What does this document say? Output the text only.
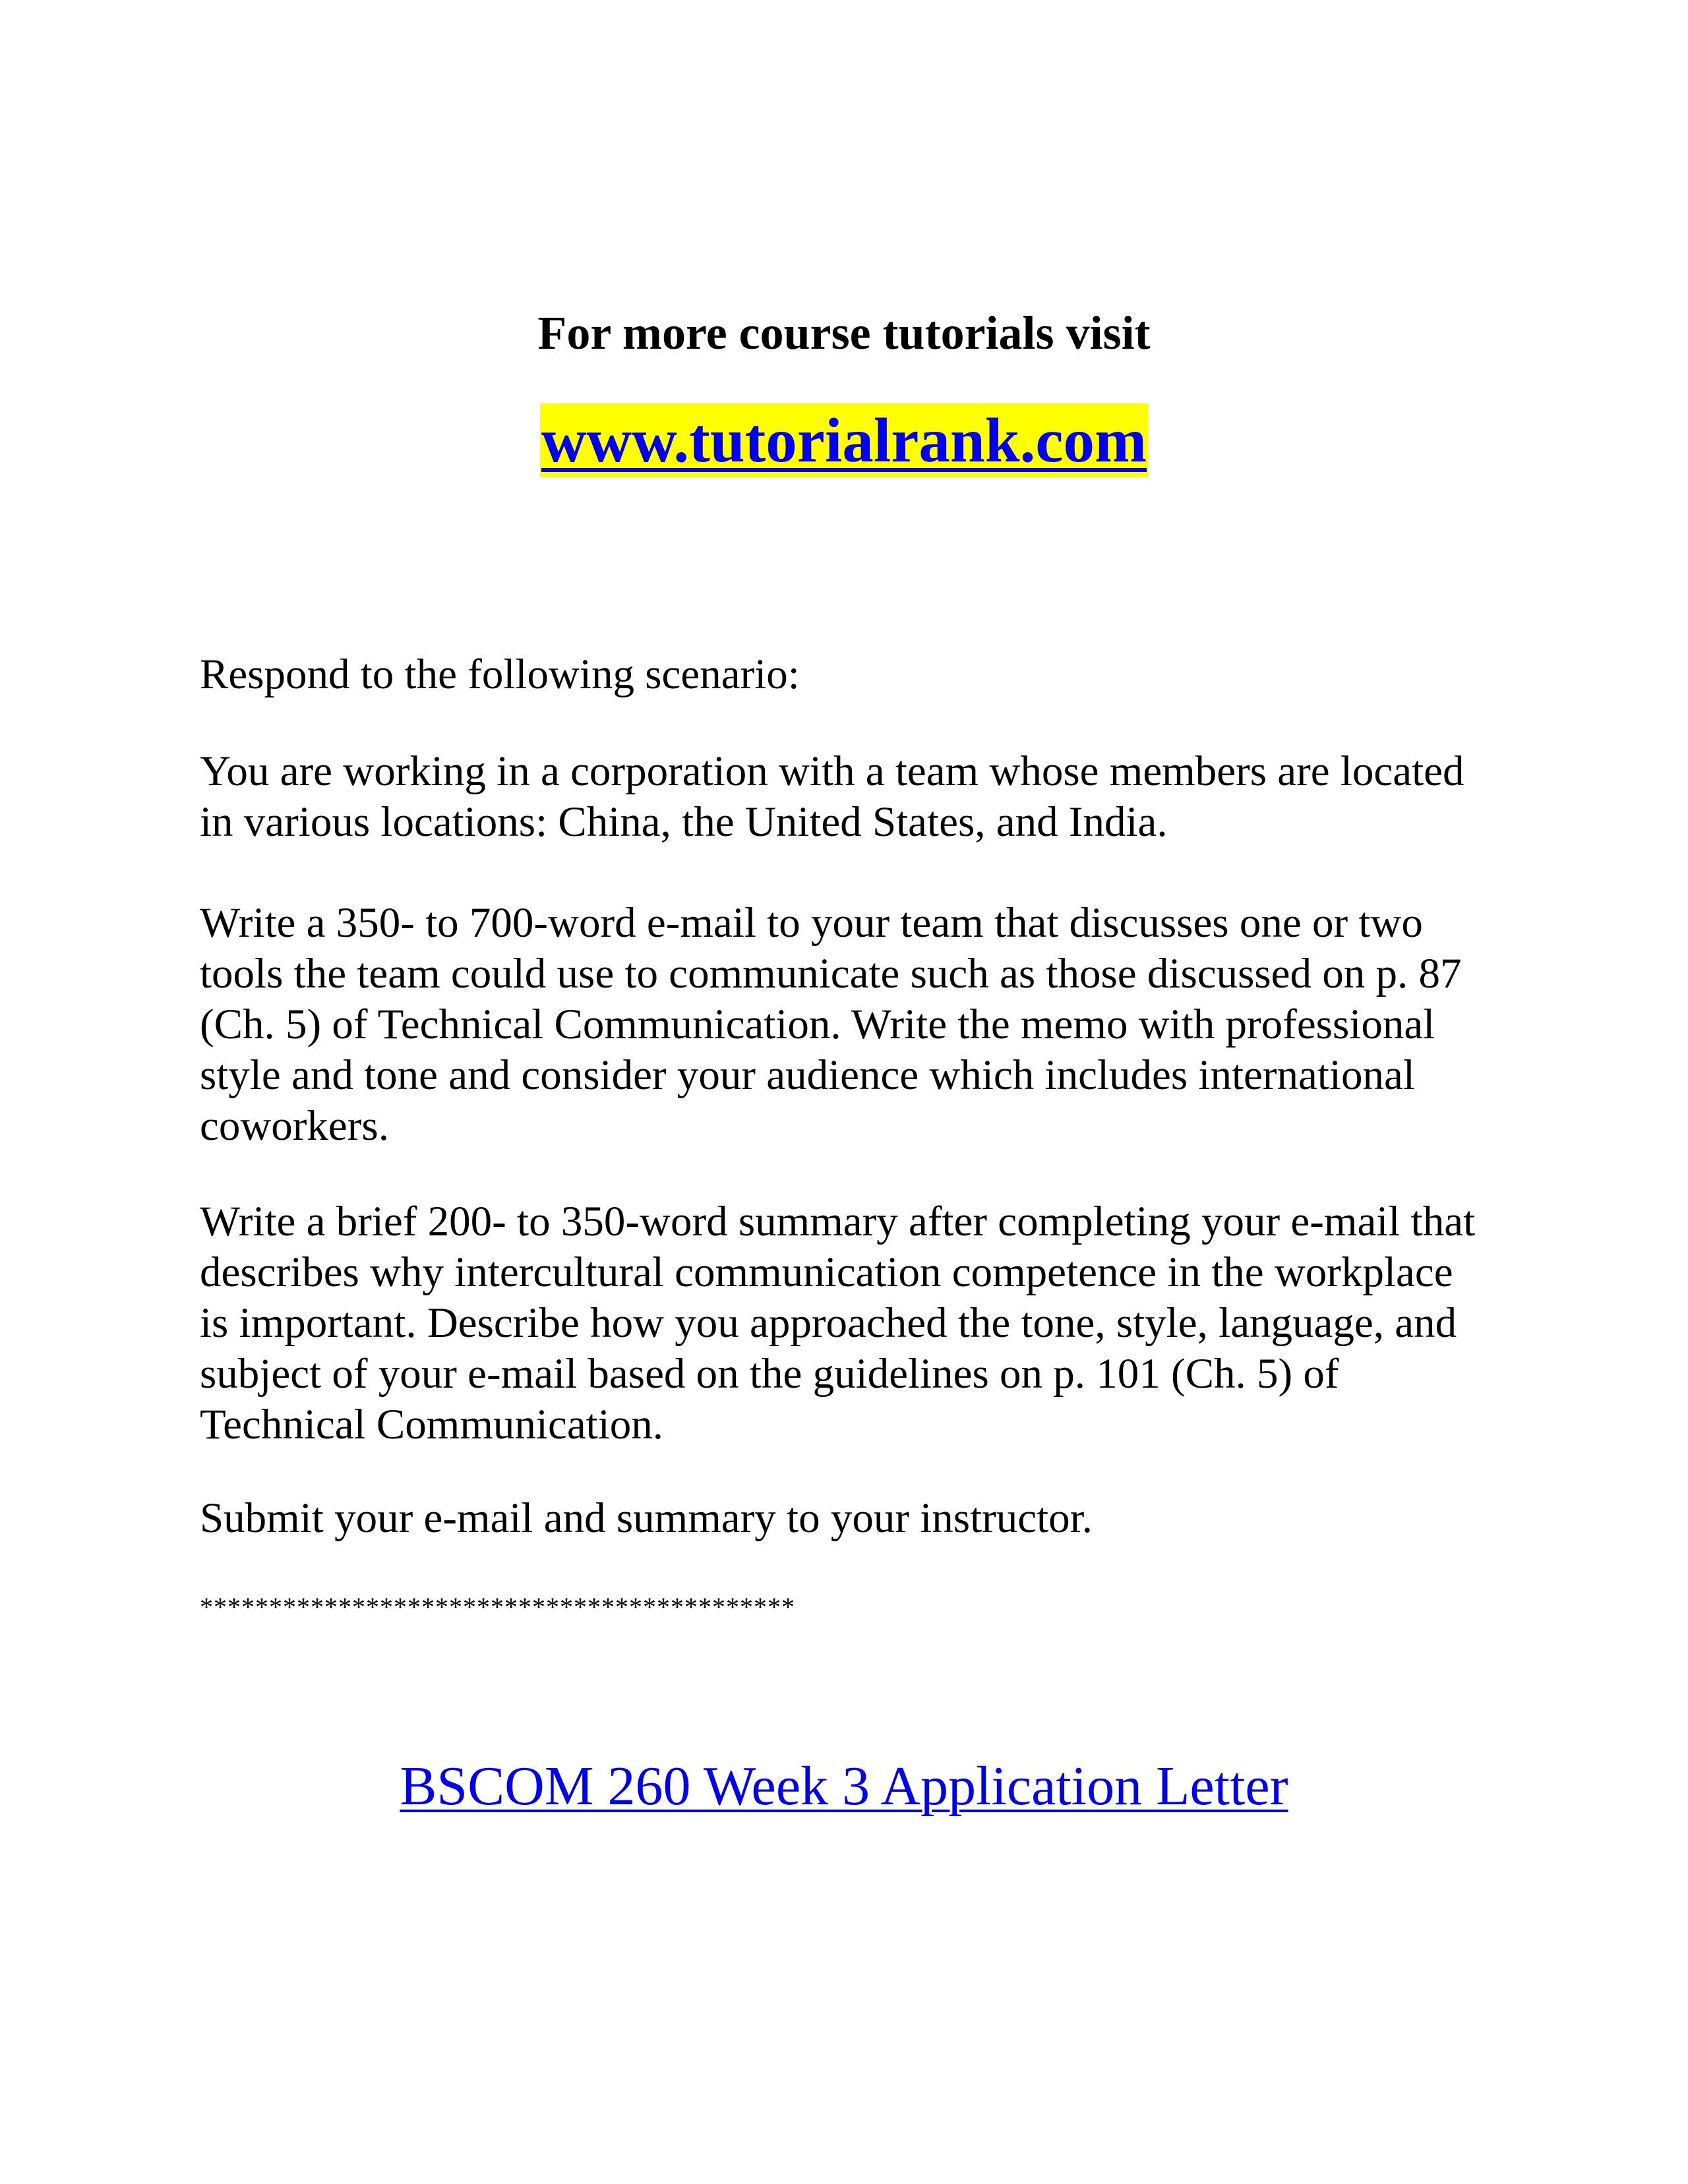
For more course tutorials visit
www.tutorialrank.com

Respond to the following scenario:

You are working in a corporation with a team whose members are located in various locations: China, the United States, and India.

Write a 350- to 700-word e-mail to your team that discusses one or two tools the team could use to communicate such as those discussed on p. 87 (Ch. 5) of Technical Communication. Write the memo with professional style and tone and consider your audience which includes international coworkers.

Write a brief 200- to 350-word summary after completing your e-mail that describes why intercultural communication competence in the workplace is important. Describe how you approached the tone, style, language, and subject of your e-mail based on the guidelines on p. 101 (Ch. 5) of Technical Communication.

Submit your e-mail and summary to your instructor.

*******************************************
BSCOM 260 Week 3 Application Letter
